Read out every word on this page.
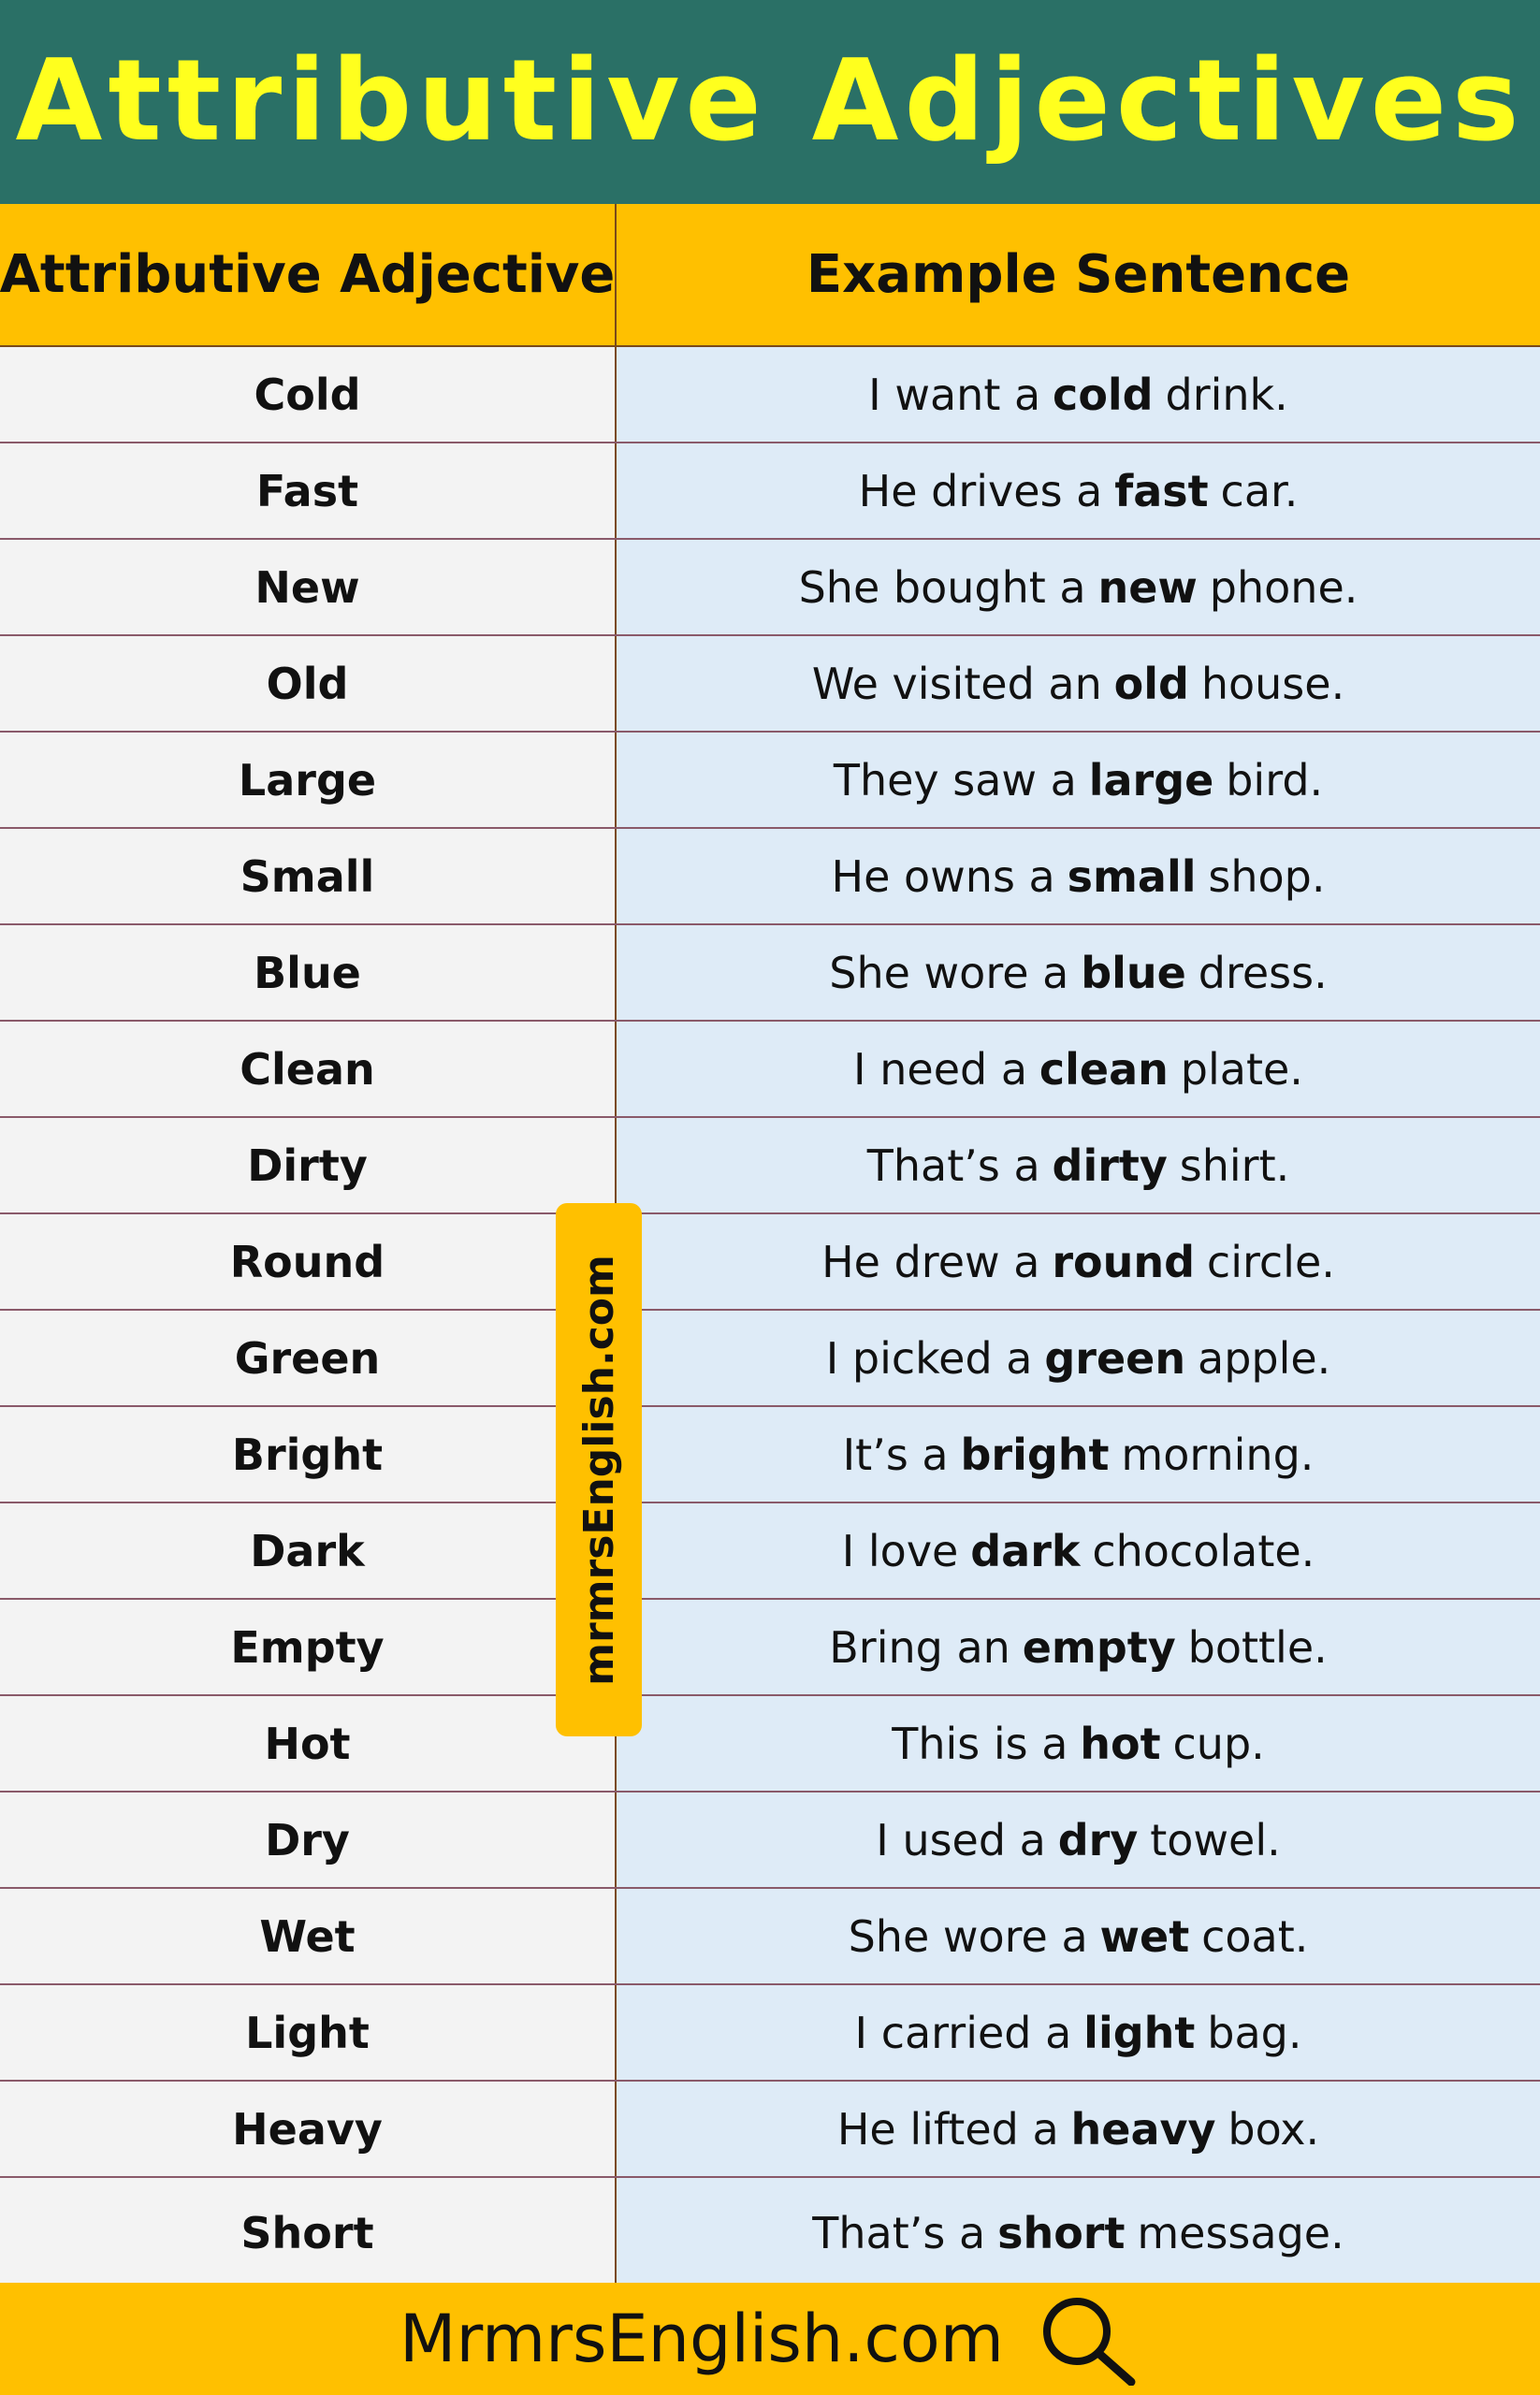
Attributive Adjectives
Attributive Adjective	Example Sentence
Cold	I want a cold drink.
Fast	He drives a fast car.
New	She bought a new phone.
Old	We visited an old house.
Large	They saw a large bird.
Small	He owns a small shop.
Blue	She wore a blue dress.
Clean	I need a clean plate.
Dirty	That’s a dirty shirt.
Round	He drew a round circle.
Green	I picked a green apple.
Bright	It’s a bright morning.
Dark	I love dark chocolate.
Empty	Bring an empty bottle.
Hot	This is a hot cup.
Dry	I used a dry towel.
Wet	She wore a wet coat.
Light	I carried a light bag.
Heavy	He lifted a heavy box.
Short	That’s a short message.
mrmrsEnglish.com
MrmrsEnglish.com
